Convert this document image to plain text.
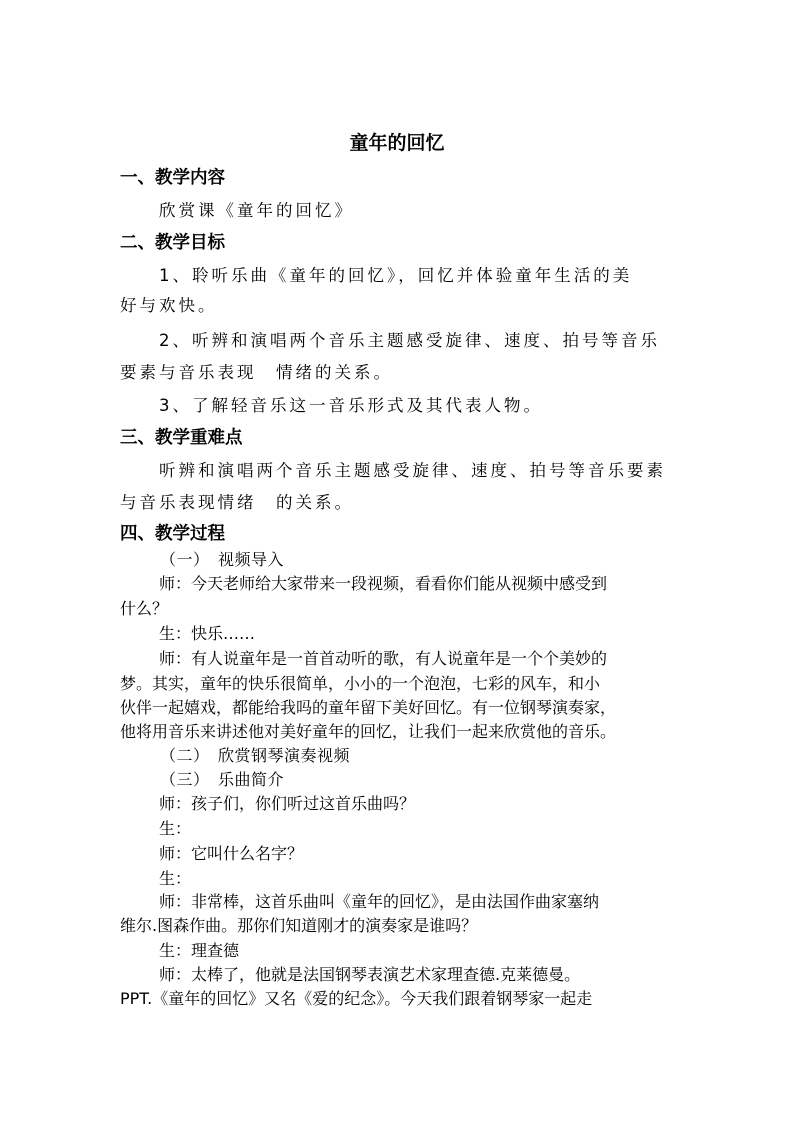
童年的回忆
一、教学内容
欣赏课《童年的回忆》
二、教学目标
1、聆听乐曲《童年的回忆》，回忆并体验童年生活的美
好与欢快。
2、听辨和演唱两个音乐主题感受旋律、速度、拍号等音乐
要素与音乐表现　情绪的关系。
3、了解轻音乐这一音乐形式及其代表人物。
三、教学重难点
听辨和演唱两个音乐主题感受旋律、速度、拍号等音乐要素
与音乐表现情绪　的关系。
四、教学过程
（一）　视频导入
师：今天老师给大家带来一段视频，看看你们能从视频中感受到
什么？
生：快乐……
师：有人说童年是一首首动听的歌，有人说童年是一个个美妙的
梦。其实，童年的快乐很简单，小小的一个泡泡，七彩的风车，和小
伙伴一起嬉戏，都能给我吗的童年留下美好回忆。有一位钢琴演奏家，
他将用音乐来讲述他对美好童年的回忆，让我们一起来欣赏他的音乐。
（二）　欣赏钢琴演奏视频
（三）　乐曲简介
师：孩子们，你们听过这首乐曲吗？
生：
师：它叫什么名字？
生：
师：非常棒，这首乐曲叫《童年的回忆》，是由法国作曲家塞纳
维尔.图森作曲。那你们知道刚才的演奏家是谁吗？
生：理查德
师：太棒了，他就是法国钢琴表演艺术家理查德.克莱德曼。
PPT.《童年的回忆》又名《爱的纪念》。今天我们跟着钢琴家一起走
